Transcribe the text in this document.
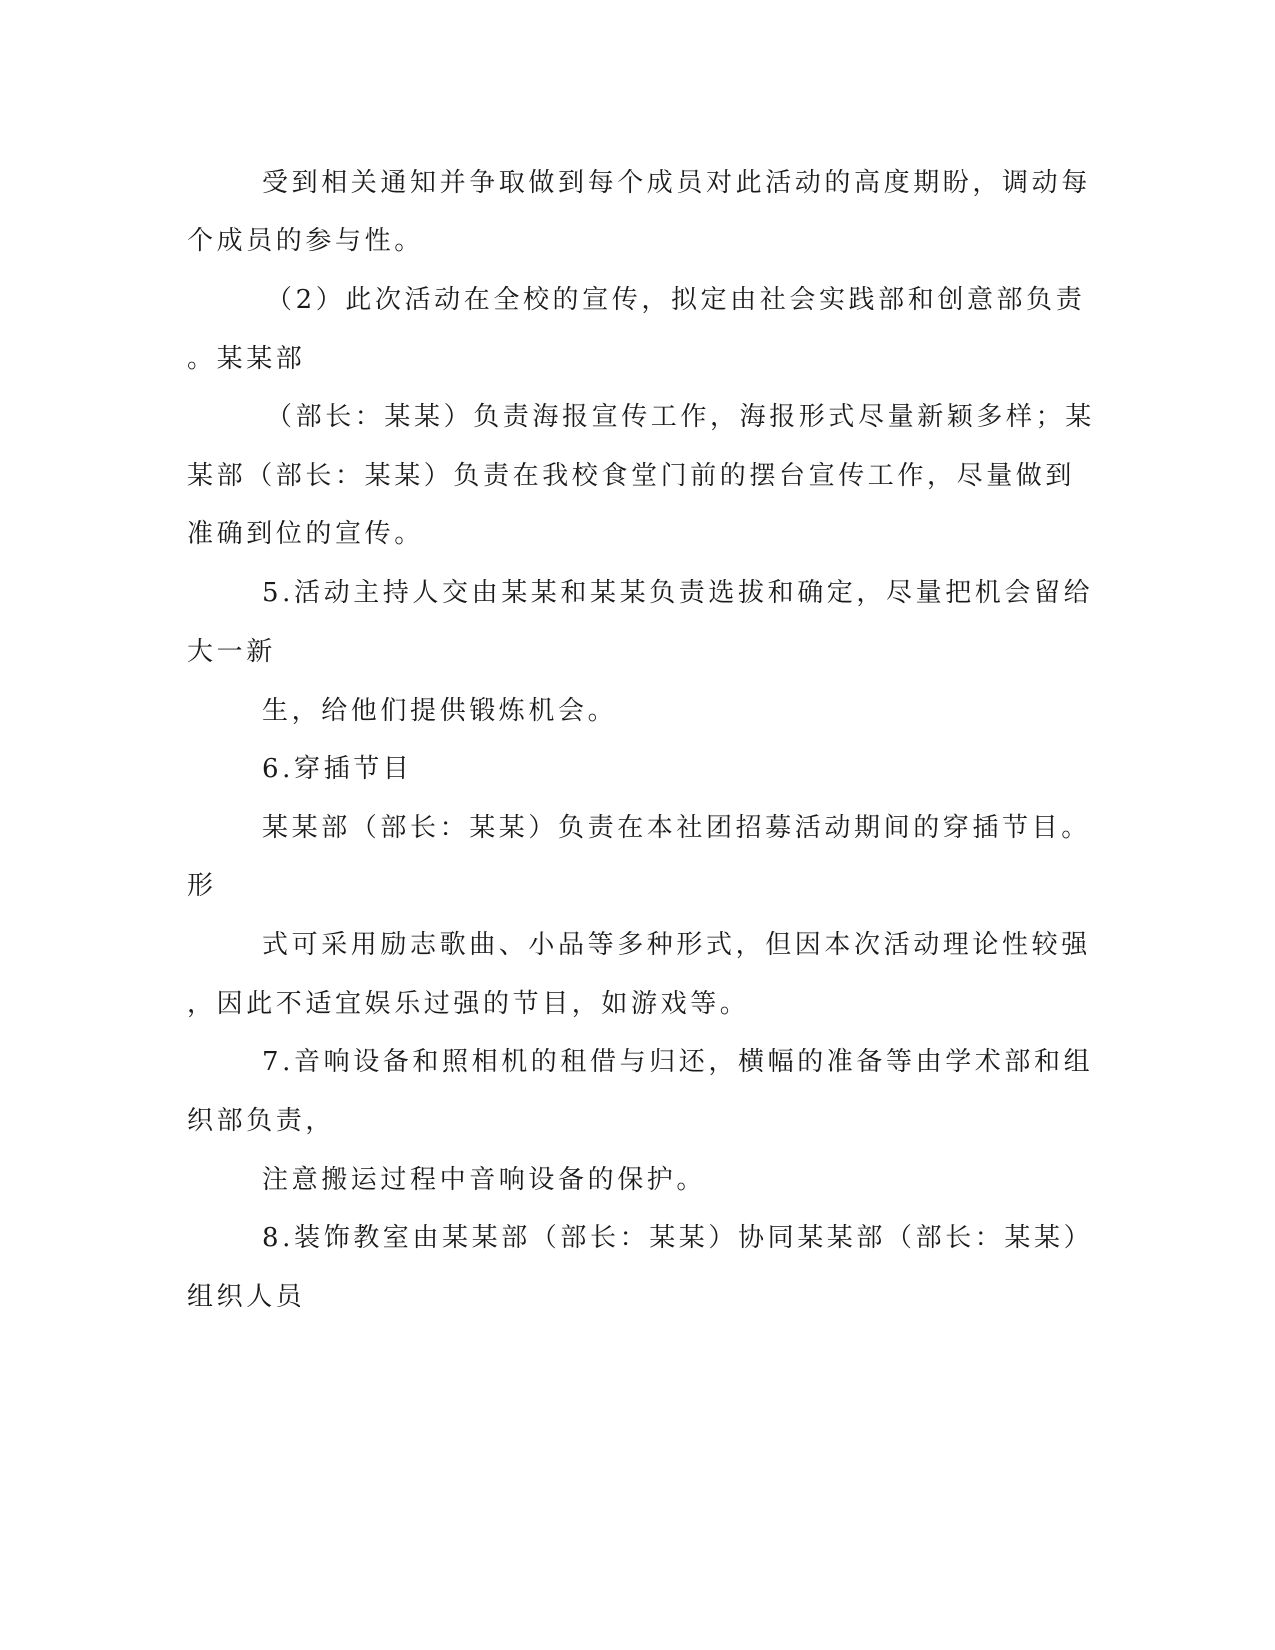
受到相关通知并争取做到每个成员对此活动的高度期盼，调动每
个成员的参与性。
（2）此次活动在全校的宣传，拟定由社会实践部和创意部负责
。某某部
（部长：某某）负责海报宣传工作，海报形式尽量新颖多样；某
某部（部长：某某）负责在我校食堂门前的摆台宣传工作，尽量做到
准确到位的宣传。
5.活动主持人交由某某和某某负责选拔和确定，尽量把机会留给
大一新
生，给他们提供锻炼机会。
6.穿插节目
某某部（部长：某某）负责在本社团招募活动期间的穿插节目。
形
式可采用励志歌曲、小品等多种形式，但因本次活动理论性较强
，因此不适宜娱乐过强的节目，如游戏等。
7.音响设备和照相机的租借与归还，横幅的准备等由学术部和组
织部负责，
注意搬运过程中音响设备的保护。
8.装饰教室由某某部（部长：某某）协同某某部（部长：某某）
组织人员
